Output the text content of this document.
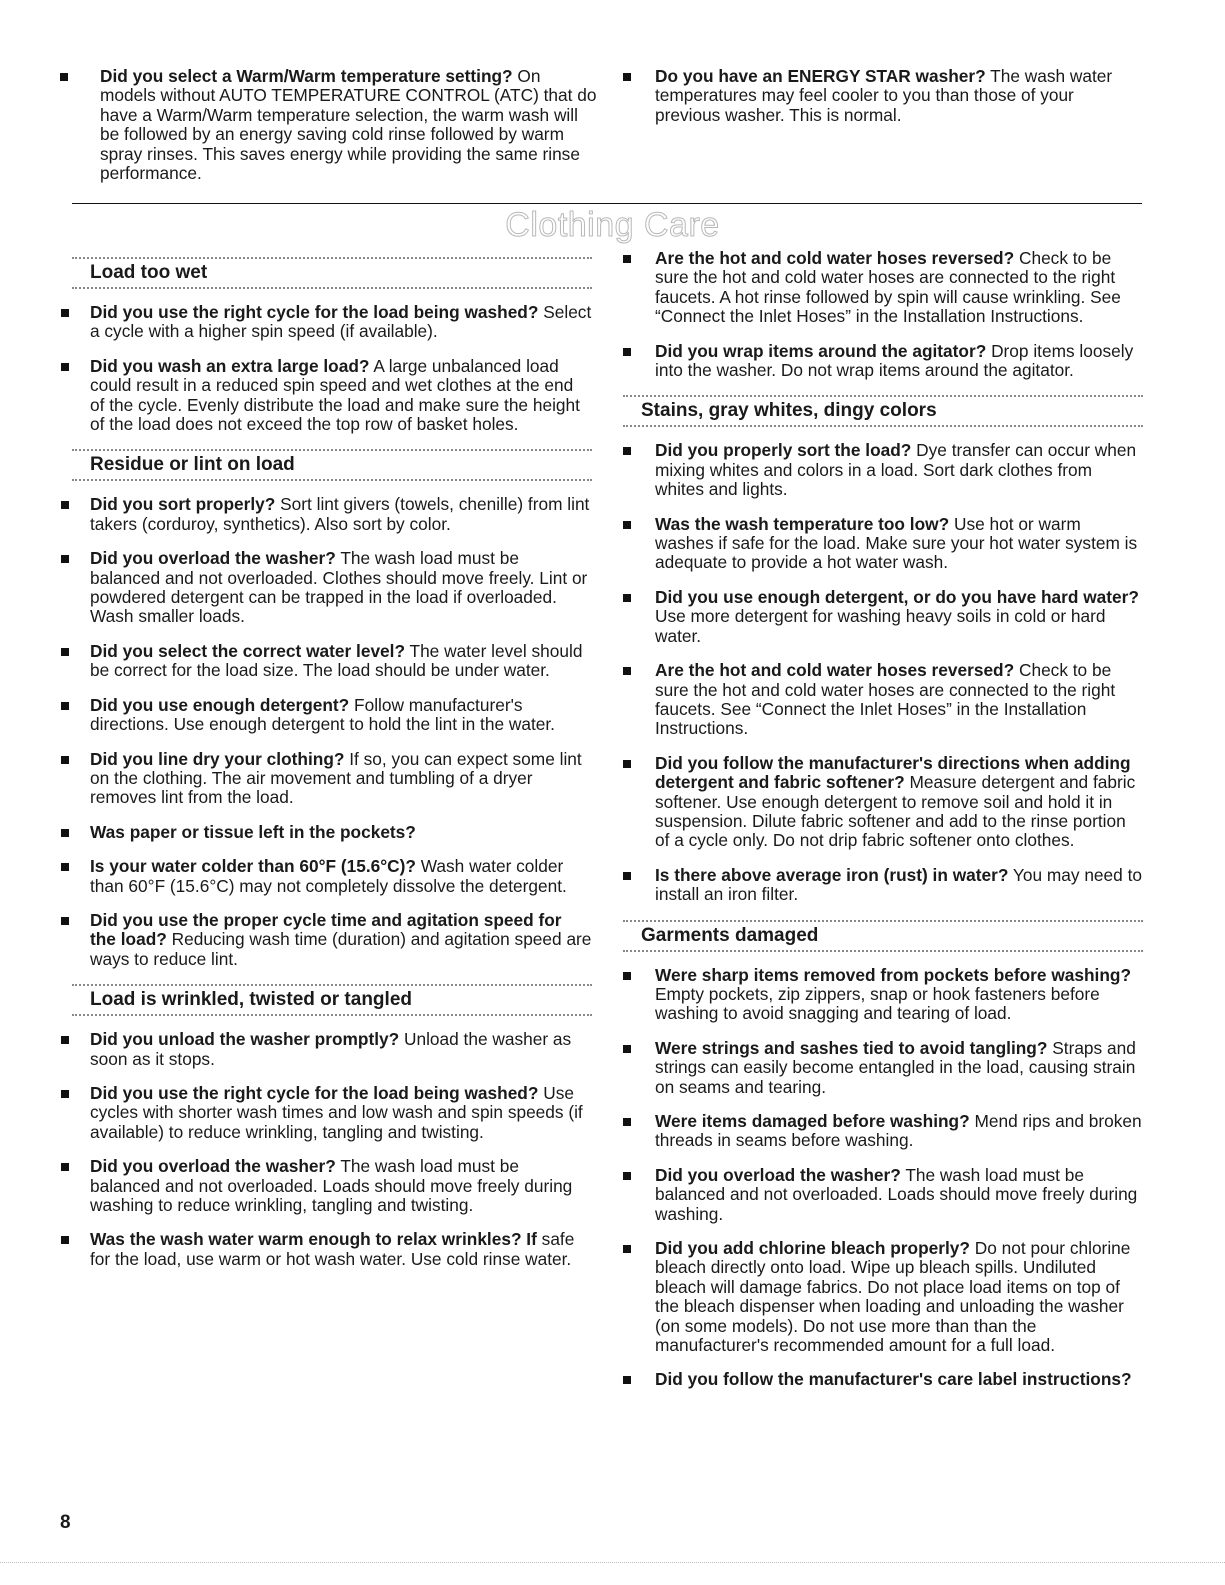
Did you select a Warm/Warm temperature setting? On models without AUTO TEMPERATURE CONTROL (ATC) that do have a Warm/Warm temperature selection, the warm wash will be followed by an energy saving cold rinse followed by warm spray rinses. This saves energy while providing the same rinse performance.
Do you have an ENERGY STAR washer? The wash water temperatures may feel cooler to you than those of your previous washer. This is normal.
Clothing Care
Load too wet
Did you use the right cycle for the load being washed? Select a cycle with a higher spin speed (if available).
Did you wash an extra large load? A large unbalanced load could result in a reduced spin speed and wet clothes at the end of the cycle. Evenly distribute the load and make sure the height of the load does not exceed the top row of basket holes.
Residue or lint on load
Did you sort properly? Sort lint givers (towels, chenille) from lint takers (corduroy, synthetics). Also sort by color.
Did you overload the washer? The wash load must be balanced and not overloaded. Clothes should move freely. Lint or powdered detergent can be trapped in the load if overloaded. Wash smaller loads.
Did you select the correct water level? The water level should be correct for the load size. The load should be under water.
Did you use enough detergent? Follow manufacturer's directions. Use enough detergent to hold the lint in the water.
Did you line dry your clothing? If so, you can expect some lint on the clothing. The air movement and tumbling of a dryer removes lint from the load.
Was paper or tissue left in the pockets?
Is your water colder than 60°F (15.6°C)? Wash water colder than 60°F (15.6°C) may not completely dissolve the detergent.
Did you use the proper cycle time and agitation speed for the load? Reducing wash time (duration) and agitation speed are ways to reduce lint.
Load is wrinkled, twisted or tangled
Did you unload the washer promptly? Unload the washer as soon as it stops.
Did you use the right cycle for the load being washed? Use cycles with shorter wash times and low wash and spin speeds (if available) to reduce wrinkling, tangling and twisting.
Did you overload the washer? The wash load must be balanced and not overloaded. Loads should move freely during washing to reduce wrinkling, tangling and twisting.
Was the wash water warm enough to relax wrinkles? If safe for the load, use warm or hot wash water. Use cold rinse water.
Are the hot and cold water hoses reversed? Check to be sure the hot and cold water hoses are connected to the right faucets. A hot rinse followed by spin will cause wrinkling. See “Connect the Inlet Hoses” in the Installation Instructions.
Did you wrap items around the agitator? Drop items loosely into the washer. Do not wrap items around the agitator.
Stains, gray whites, dingy colors
Did you properly sort the load? Dye transfer can occur when mixing whites and colors in a load. Sort dark clothes from whites and lights.
Was the wash temperature too low? Use hot or warm washes if safe for the load. Make sure your hot water system is adequate to provide a hot water wash.
Did you use enough detergent, or do you have hard water? Use more detergent for washing heavy soils in cold or hard water.
Are the hot and cold water hoses reversed? Check to be sure the hot and cold water hoses are connected to the right faucets. See “Connect the Inlet Hoses” in the Installation Instructions.
Did you follow the manufacturer's directions when adding detergent and fabric softener? Measure detergent and fabric softener. Use enough detergent to remove soil and hold it in suspension. Dilute fabric softener and add to the rinse portion of a cycle only. Do not drip fabric softener onto clothes.
Is there above average iron (rust) in water? You may need to install an iron filter.
Garments damaged
Were sharp items removed from pockets before washing? Empty pockets, zip zippers, snap or hook fasteners before washing to avoid snagging and tearing of load.
Were strings and sashes tied to avoid tangling? Straps and strings can easily become entangled in the load, causing strain on seams and tearing.
Were items damaged before washing? Mend rips and broken threads in seams before washing.
Did you overload the washer? The wash load must be balanced and not overloaded. Loads should move freely during washing.
Did you add chlorine bleach properly? Do not pour chlorine bleach directly onto load. Wipe up bleach spills. Undiluted bleach will damage fabrics. Do not place load items on top of the bleach dispenser when loading and unloading the washer (on some models). Do not use more than than the manufacturer's recommended amount for a full load.
Did you follow the manufacturer's care label instructions?
8
